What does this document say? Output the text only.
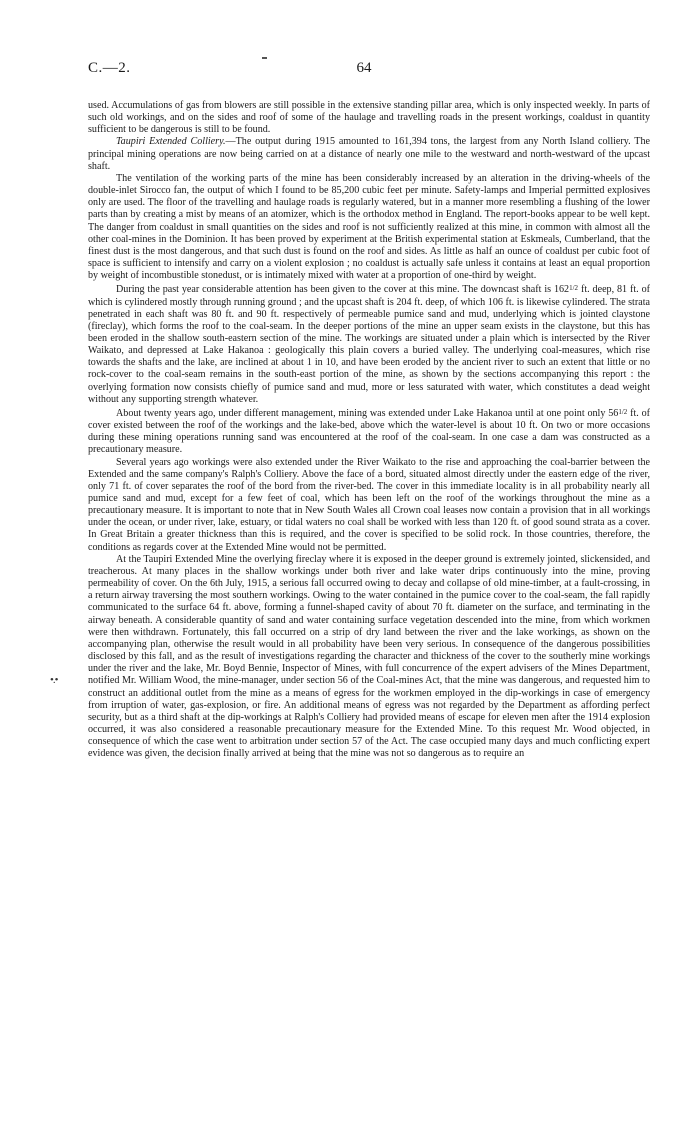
C.—2.	64
•.•

used. Accumulations of gas from blowers are still possible in the extensive standing pillar area, which is only inspected weekly. In parts of such old workings, and on the sides and roof of some of the haulage and travelling roads in the present workings, coaldust in quantity sufficient to be dangerous is still to be found.

Taupiri Extended Colliery.—The output during 1915 amounted to 161,394 tons, the largest from any North Island colliery. The principal mining operations are now being carried on at a distance of nearly one mile to the westward and north-westward of the upcast shaft.

The ventilation of the working parts of the mine has been considerably increased by an alteration in the driving-wheels of the double-inlet Sirocco fan, the output of which I found to be 85,200 cubic feet per minute. Safety-lamps and Imperial permitted explosives only are used. The floor of the travelling and haulage roads is regularly watered, but in a manner more resembling a flushing of the lower parts than by creating a mist by means of an atomizer, which is the orthodox method in England. The report-books appear to be well kept. The danger from coaldust in small quantities on the sides and roof is not sufficiently realized at this mine, in common with almost all the other coal-mines in the Dominion. It has been proved by experiment at the British experimental station at Eskmeals, Cumberland, that the finest dust is the most dangerous, and that such dust is found on the roof and sides. As little as half an ounce of coaldust per cubic foot of space is sufficient to intensify and carry on a violent explosion ; no coaldust is actually safe unless it contains at least an equal proportion by weight of incombustible stonedust, or is intimately mixed with water at a proportion of one-third by weight.

During the past year considerable attention has been given to the cover at this mine. The downcast shaft is 1621/2 ft. deep, 81 ft. of which is cylindered mostly through running ground ; and the upcast shaft is 204 ft. deep, of which 106 ft. is likewise cylindered. The strata penetrated in each shaft was 80 ft. and 90 ft. respectively of permeable pumice sand and mud, underlying which is jointed claystone (fireclay), which forms the roof to the coal-seam. In the deeper portions of the mine an upper seam exists in the claystone, but this has been eroded in the shallow south-eastern section of the mine. The workings are situated under a plain which is intersected by the River Waikato, and depressed at Lake Hakanoa : geologically this plain covers a buried valley. The underlying coal-measures, which rise towards the shafts and the lake, are inclined at about 1 in 10, and have been eroded by the ancient river to such an extent that little or no rock-cover to the coal-seam remains in the south-east portion of the mine, as shown by the sections accompanying this report : the overlying formation now consists chiefly of pumice sand and mud, more or less saturated with water, which constitutes a dead weight without any supporting strength whatever.

About twenty years ago, under different management, mining was extended under Lake Hakanoa until at one point only 561/2 ft. of cover existed between the roof of the workings and the lake-bed, above which the water-level is about 10 ft. On two or more occasions during these mining operations running sand was encountered at the roof of the coal-seam. In one case a dam was constructed as a precautionary measure.

Several years ago workings were also extended under the River Waikato to the rise and approaching the coal-barrier between the Extended and the same company's Ralph's Colliery. Above the face of a bord, situated almost directly under the eastern edge of the river, only 71 ft. of cover separates the roof of the bord from the river-bed. The cover in this immediate locality is in all probability nearly all pumice sand and mud, except for a few feet of coal, which has been left on the roof of the workings throughout the mine as a precautionary measure. It is important to note that in New South Wales all Crown coal leases now contain a provision that in all workings under the ocean, or under river, lake, estuary, or tidal waters no coal shall be worked with less than 120 ft. of good sound strata as a cover. In Great Britain a greater thickness than this is required, and the cover is specified to be solid rock. In those countries, therefore, the conditions as regards cover at the Extended Mine would not be permitted.

At the Taupiri Extended Mine the overlying fireclay where it is exposed in the deeper ground is extremely jointed, slickensided, and treacherous. At many places in the shallow workings under both river and lake water drips continuously into the mine, proving permeability of cover. On the 6th July, 1915, a serious fall occurred owing to decay and collapse of old mine-timber, at a fault-crossing, in a return airway traversing the most southern workings. Owing to the water contained in the pumice cover to the coal-seam, the fall rapidly communicated to the surface 64 ft. above, forming a funnel-shaped cavity of about 70 ft. diameter on the surface, and terminating in the airway beneath. A considerable quantity of sand and water containing surface vegetation descended into the mine, from which workmen were then withdrawn. Fortunately, this fall occurred on a strip of dry land between the river and the lake workings, as shown on the accompanying plan, otherwise the result would in all probability have been very serious. In consequence of the dangerous possibilities disclosed by this fall, and as the result of investigations regarding the character and thickness of the cover to the southerly mine workings under the river and the lake, Mr. Boyd Bennie, Inspector of Mines, with full concurrence of the expert advisers of the Mines Department, notified Mr. William Wood, the mine-manager, under section 56 of the Coal-mines Act, that the mine was dangerous, and requested him to construct an additional outlet from the mine as a means of egress for the workmen employed in the dip-workings in case of emergency from irruption of water, gas-explosion, or fire. An additional means of egress was not regarded by the Department as affording perfect security, but as a third shaft at the dip-workings at Ralph's Colliery had provided means of escape for eleven men after the 1914 explosion occurred, it was also considered a reasonable precautionary measure for the Extended Mine. To this request Mr. Wood objected, in consequence of which the case went to arbitration under section 57 of the Act. The case occupied many days and much conflicting expert evidence was given, the decision finally arrived at being that the mine was not so dangerous as to require an
